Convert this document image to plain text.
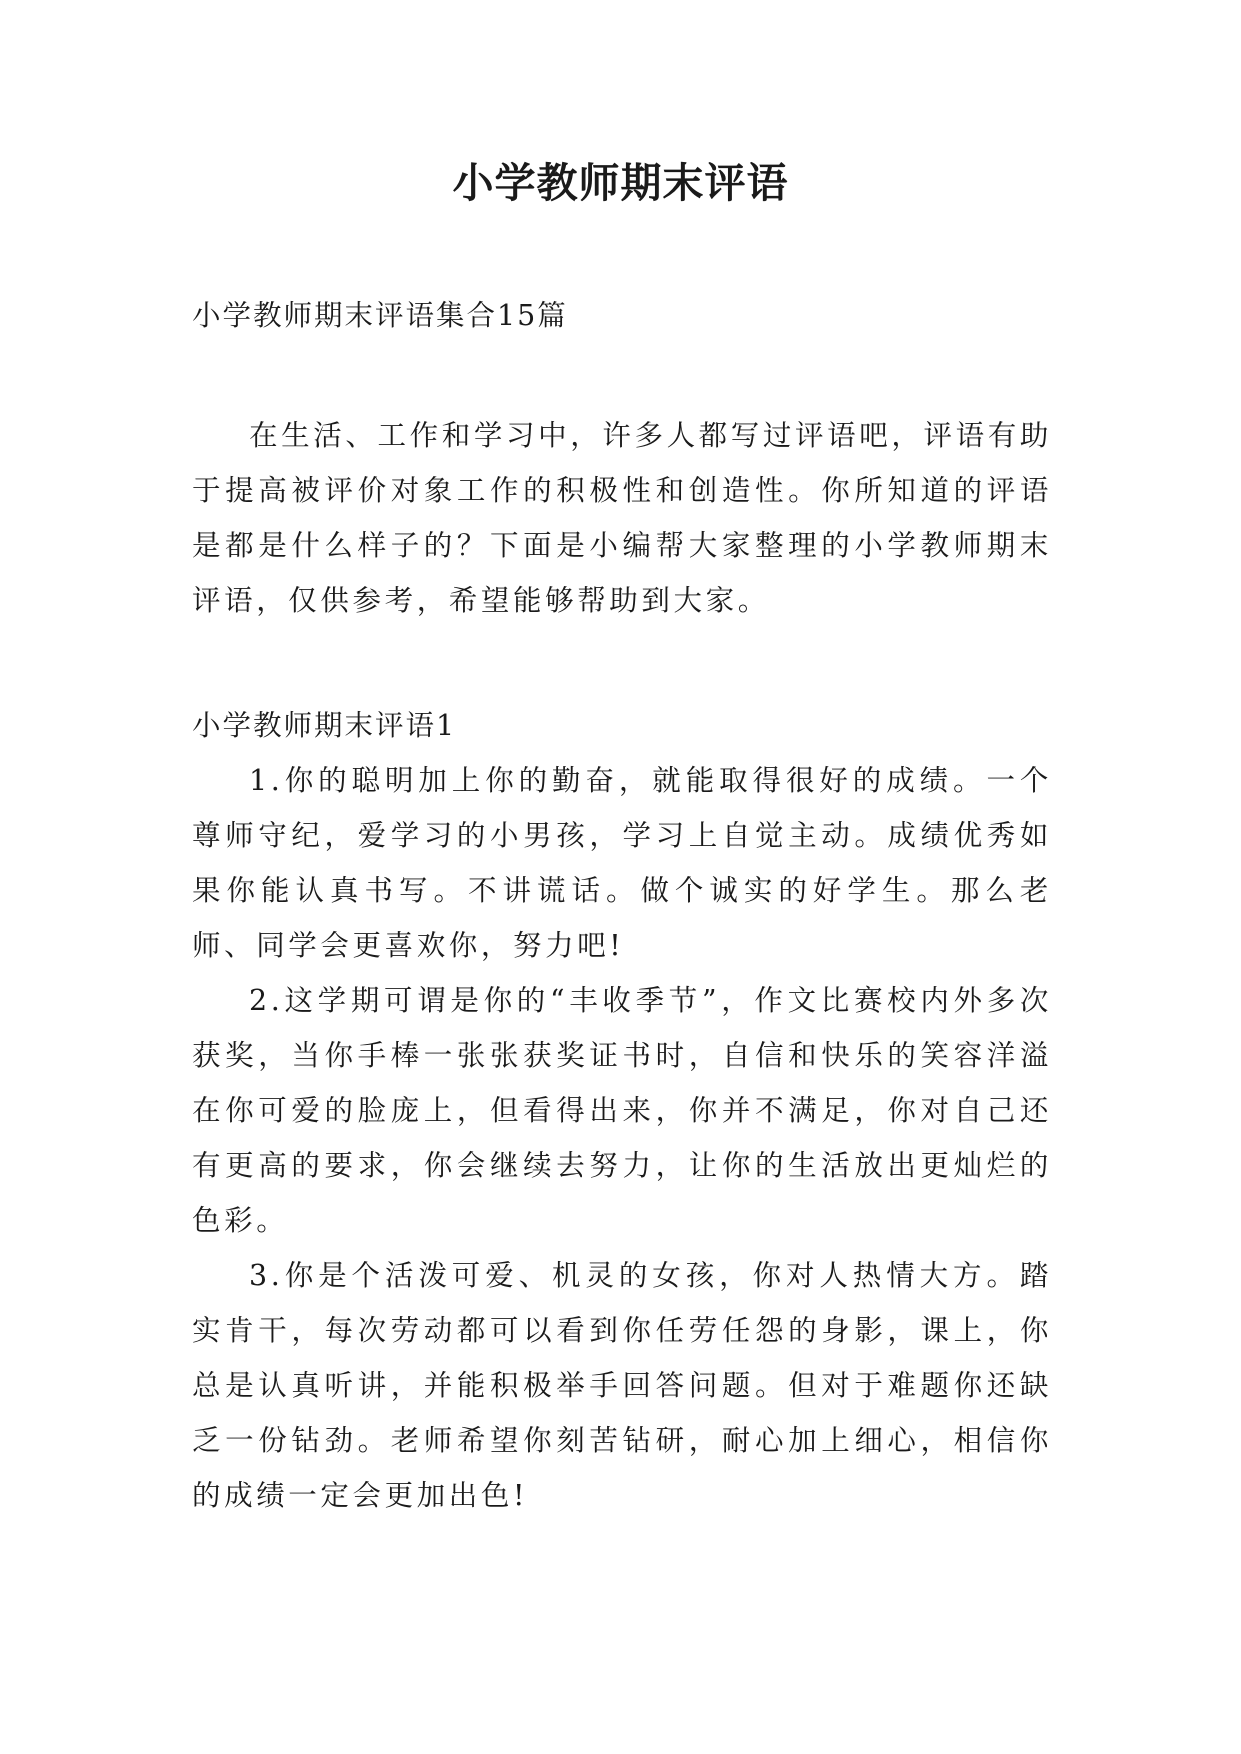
小学教师期末评语
小学教师期末评语集合15篇

在生活、工作和学习中，许多人都写过评语吧，评语有助于提高被评价对象工作的积极性和创造性。你所知道的评语是都是什么样子的？下面是小编帮大家整理的小学教师期末评语，仅供参考，希望能够帮助到大家。

小学教师期末评语1

1.你的聪明加上你的勤奋，就能取得很好的成绩。一个尊师守纪，爱学习的小男孩，学习上自觉主动。成绩优秀如果你能认真书写。不讲谎话。做个诚实的好学生。那么老师、同学会更喜欢你，努力吧!

2.这学期可谓是你的“丰收季节”，作文比赛校内外多次获奖，当你手棒一张张获奖证书时，自信和快乐的笑容洋溢在你可爱的脸庞上，但看得出来，你并不满足，你对自己还有更高的要求，你会继续去努力，让你的生活放出更灿烂的色彩。

3.你是个活泼可爱、机灵的女孩，你对人热情大方。踏实肯干，每次劳动都可以看到你任劳任怨的身影，课上，你总是认真听讲，并能积极举手回答问题。但对于难题你还缺乏一份钻劲。老师希望你刻苦钻研，耐心加上细心，相信你的成绩一定会更加出色!
